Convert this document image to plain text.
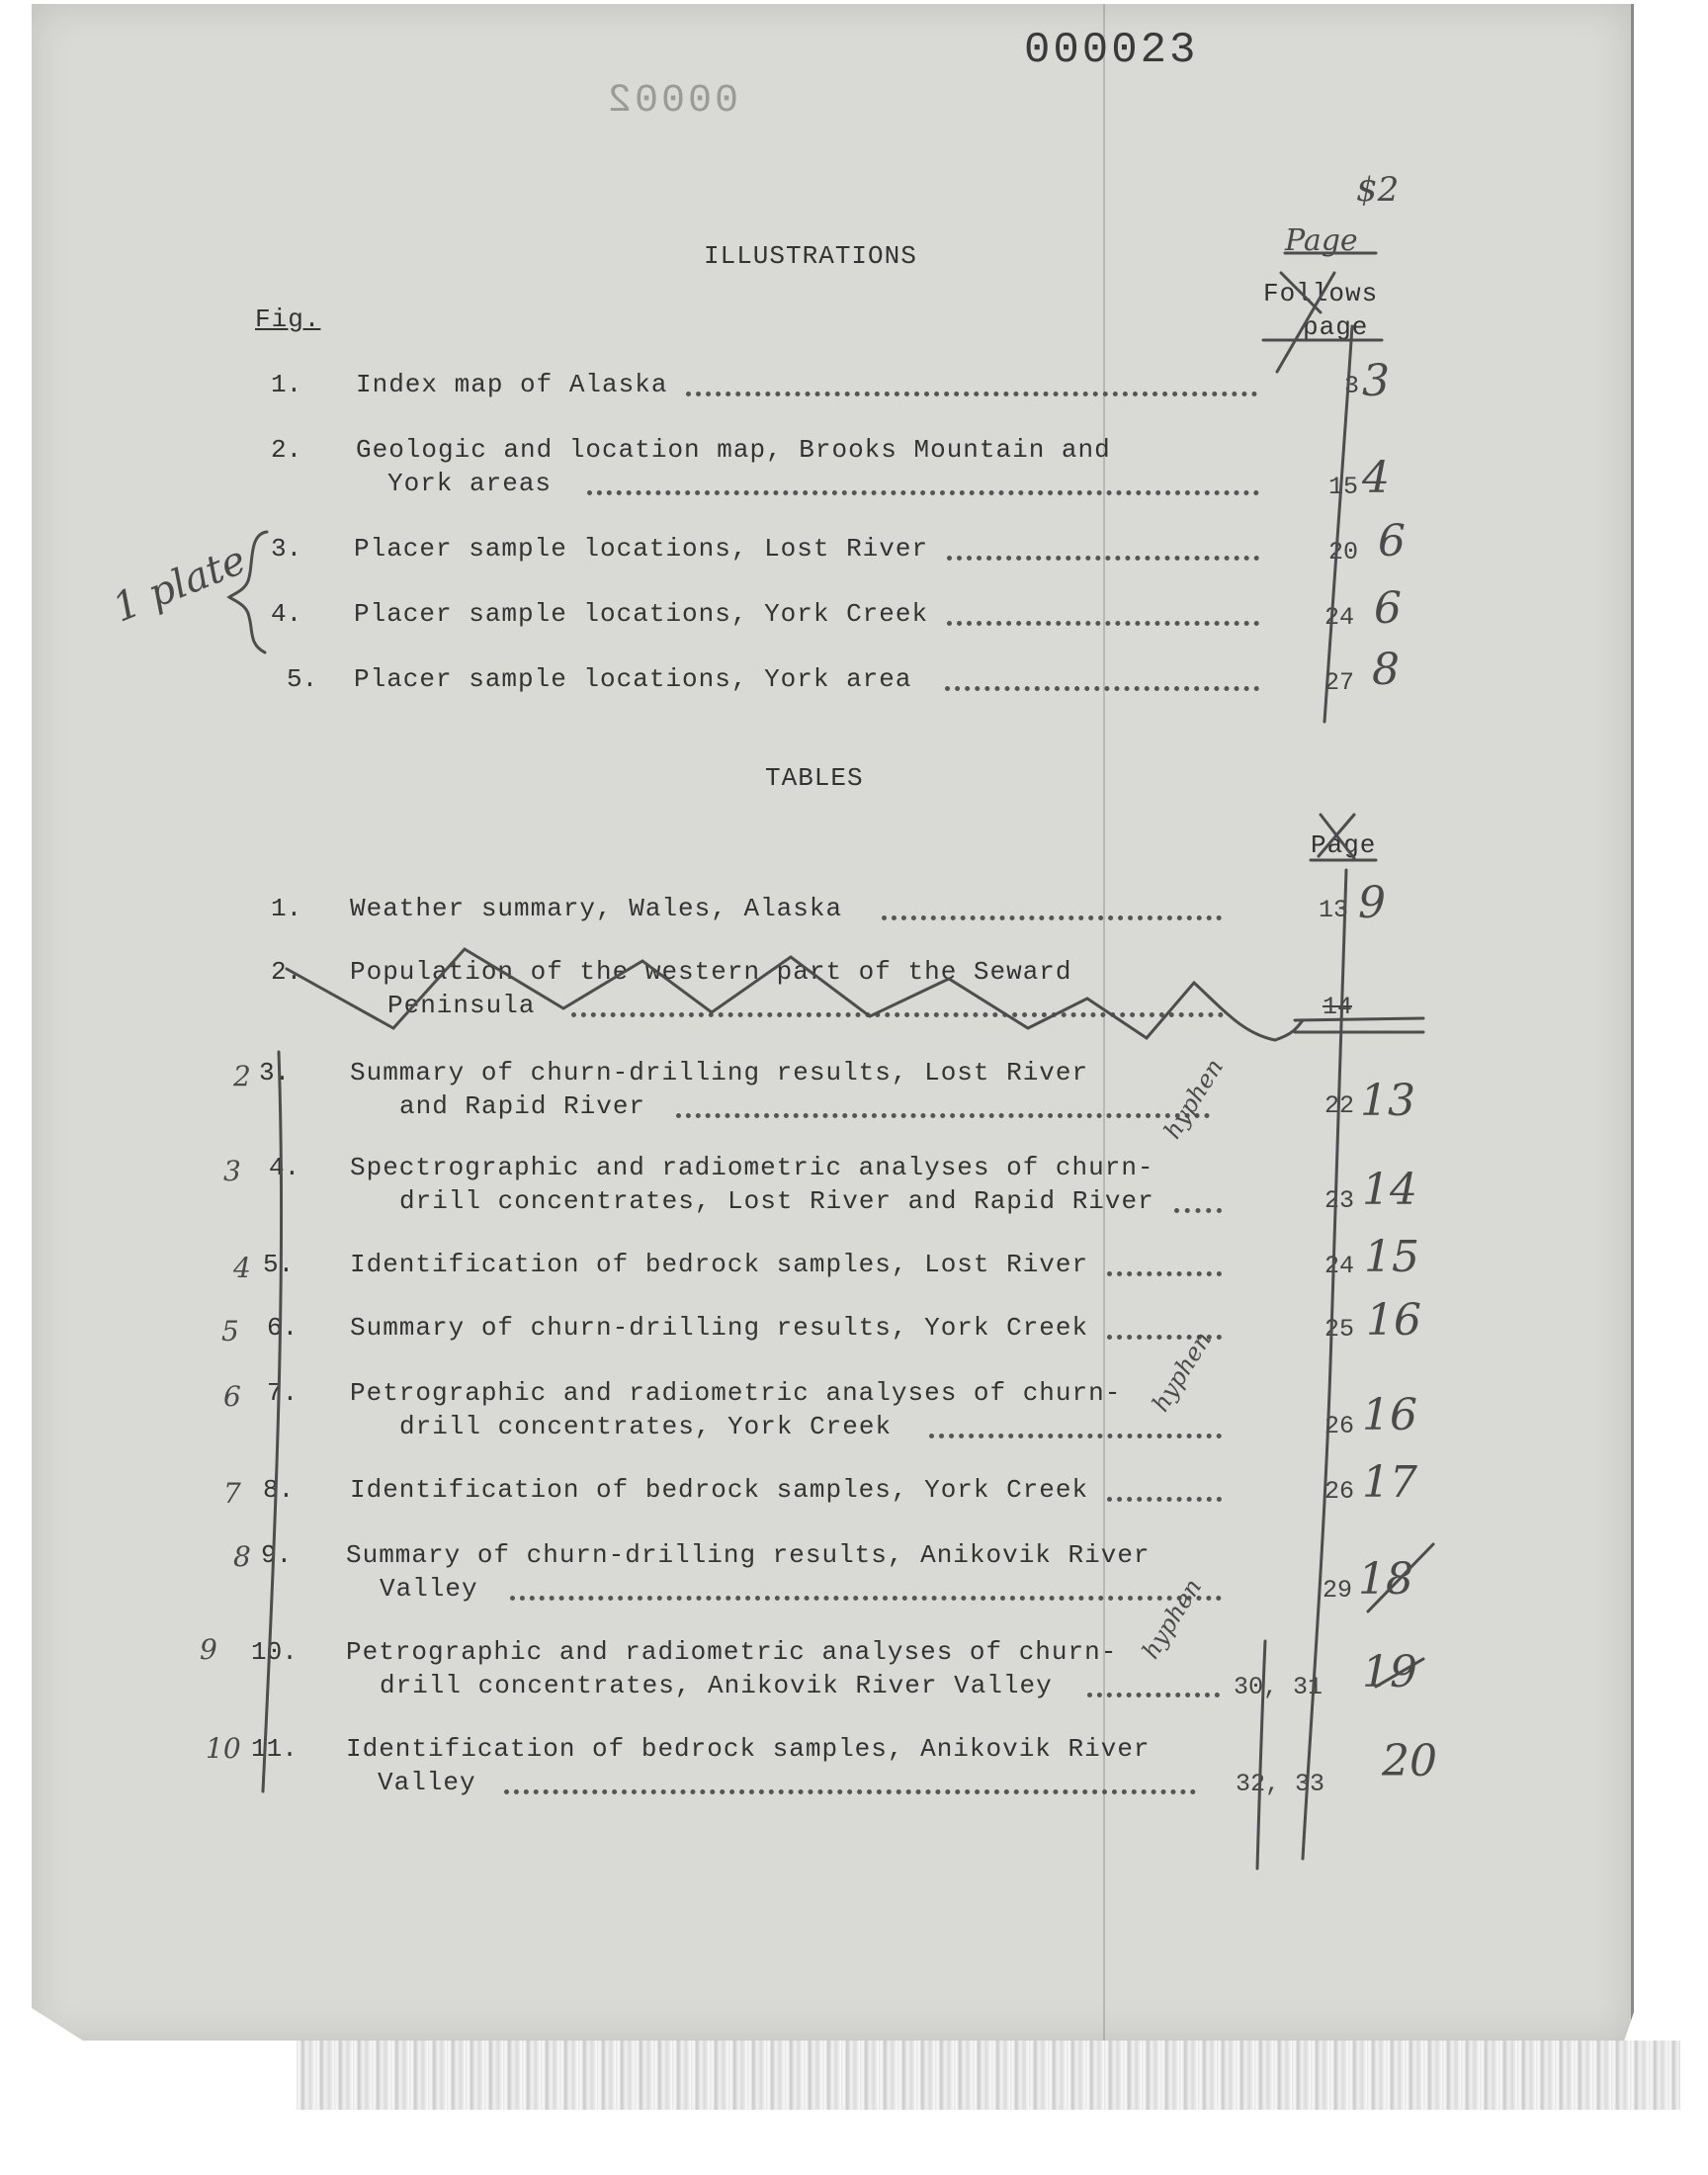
000023
00002
$2
ILLUSTRATIONS	Page
Follows
page
Fig.
1. Index map of Alaska	3 3
2. Geologic and location map, Brooks Mountain and
York areas	15 4
3. Placer sample locations, Lost River	20 6
4. Placer sample locations, York Creek	24 6
5. Placer sample locations, York area	27 8
1 plate
TABLES
Page
1. Weather summary, Wales, Alaska	13 9
2. Population of the western part of the Seward
Peninsula	14
2 3. Summary of churn-drilling results, Lost River
and Rapid River	22 13
3 4. Spectrographic and radiometric analyses of churn-
drill concentrates, Lost River and Rapid River	23 14
4 5. Identification of bedrock samples, Lost River	24 15
5 6. Summary of churn-drilling results, York Creek	25 16
6 7. Petrographic and radiometric analyses of churn-
drill concentrates, York Creek	26 16
7 8. Identification of bedrock samples, York Creek	26 17
8 9. Summary of churn-drilling results, Anikovik River
Valley	29 18
9 10. Petrographic and radiometric analyses of churn-
drill concentrates, Anikovik River Valley	30, 31 19
10 11. Identification of bedrock samples, Anikovik River
Valley	32, 33 20
hyphen
hyphen
hyphen
